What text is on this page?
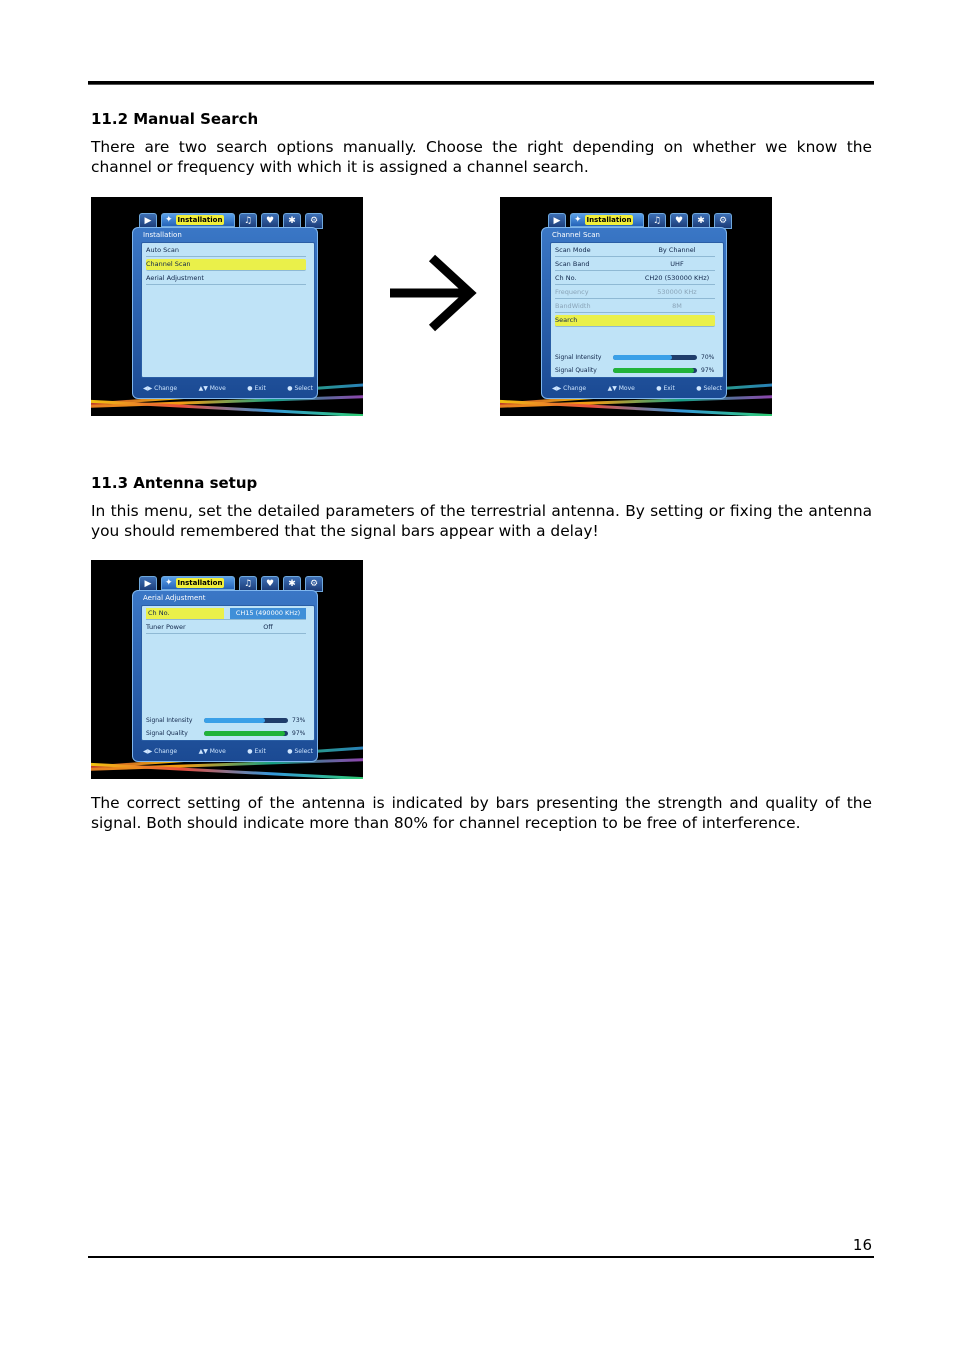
11.2 Manual Search

There are two search options manually. Choose the right depending on whether we know the channel or frequency with which it is assigned a channel search.

▶	✦ Installation	♫	♥	✱	⚙
Installation
Auto Scan
Channel Scan
Aerial Adjustment
◀▶ Change	▲▼ Move	● Exit	● Select
▶	✦ Installation	♫	♥	✱	⚙
Channel Scan
Scan Mode	By Channel
Scan Band	UHF
Ch No.	CH20 (530000 KHz)
Frequency	530000 KHz
BandWidth	8M
Search
Signal Intensity	70%
Signal Quality	97%
◀▶ Change	▲▼ Move	● Exit	● Select
11.3 Antenna setup

In this menu, set the detailed parameters of the terrestrial antenna. By setting or fixing the antenna you should remembered that the signal bars appear with a delay!

▶	✦ Installation	♫	♥	✱	⚙
Aerial Adjustment
Ch No.	CH15 (490000 KHz)
Tuner Power	Off
Signal Intensity	73%
Signal Quality	97%
◀▶ Change	▲▼ Move	● Exit	● Select

The correct setting of the antenna is indicated by bars presenting the strength and quality of the signal. Both should indicate more than 80% for channel reception to be free of interference.

16
